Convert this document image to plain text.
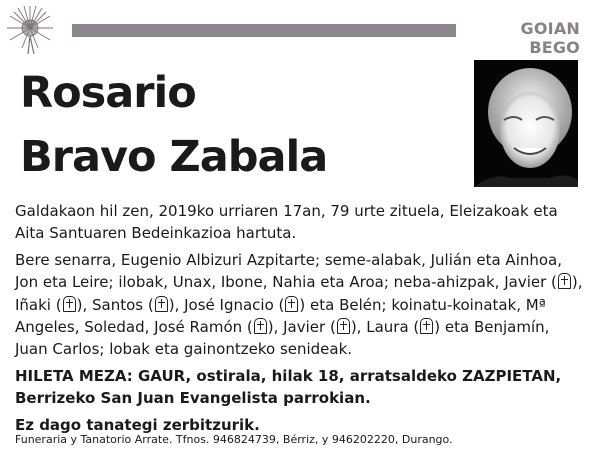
GOIAN BEGO
Rosario
Bravo Zabala

Galdakaon hil zen, 2019ko urriaren 17an, 79 urte zituela, Eleizakoak eta Aita Santuaren Bedeinkazioa hartuta.

Bere senarra, Eugenio Albizuri Azpitarte; seme-alabak, Julián eta Ainhoa, Jon eta Leire; ilobak, Unax, Ibone, Nahia eta Aroa; neba-ahizpak, Javier ( ), Iñaki ( ), Santos ( ), José Ignacio ( ) eta Belén; koinatu-koinatak, Mª Angeles, Soledad, José Ramón ( ), Javier ( ), Laura ( ) eta Benjamín, Juan Carlos; lobak eta gainontzeko senideak.

HILETA MEZA: GAUR, ostirala, hilak 18, arratsaldeko ZAZPIETAN, Berrizeko San Juan Evangelista parrokian.

Ez dago tanategi zerbitzurik.

Funeraria y Tanatorio Arrate. Tfnos. 946824739, Bérriz, y 946202220, Durango.
